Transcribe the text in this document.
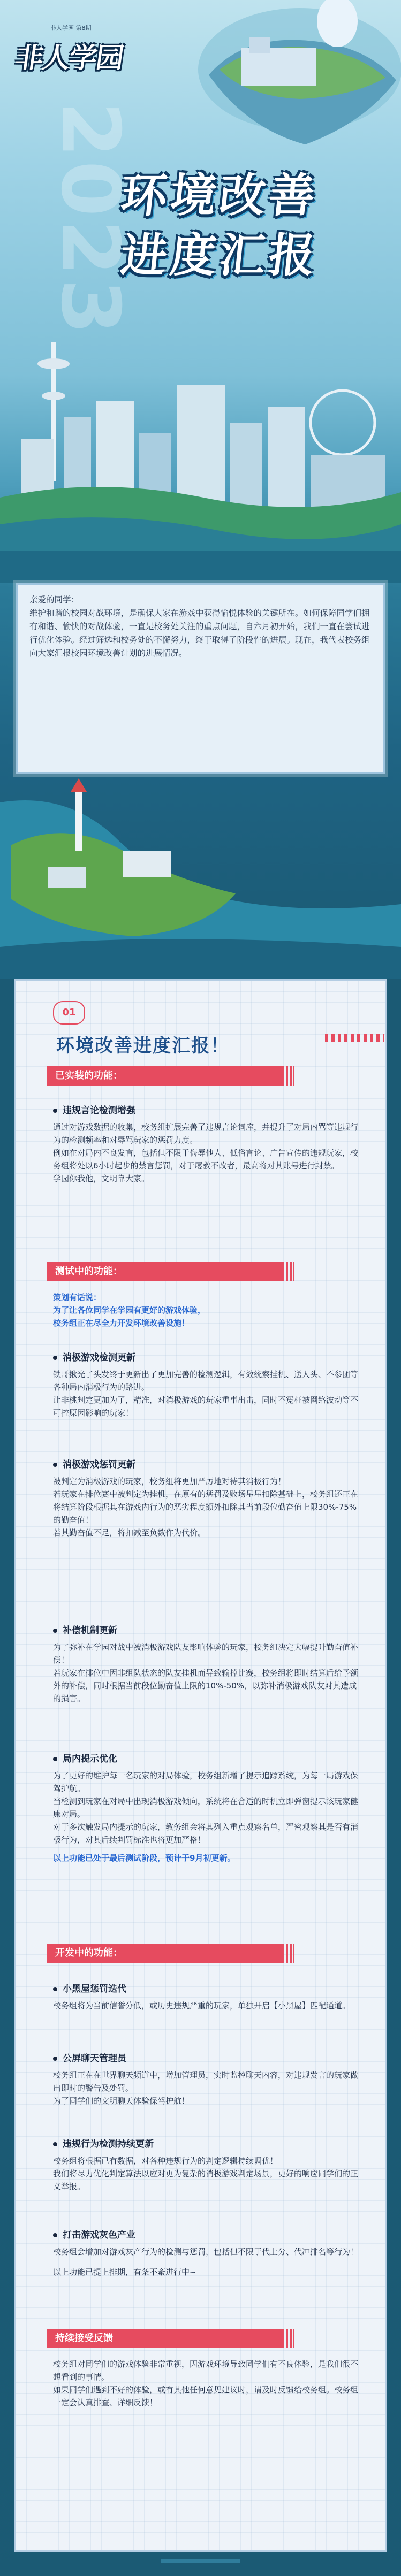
非人学园 第8期
非人学园
2023
环境改善
进度汇报

亲爱的同学：

维护和谐的校园对战环境，是确保大家在游戏中获得愉悦体验的关键所在。如何保障同学们拥有和谐、愉快的对战体验，一直是校务处关注的重点问题，自六月初开始，我们一直在尝试进行优化体验。经过筛选和校务处的不懈努力，终于取得了阶段性的进展。现在，我代表校务组向大家汇报校园环境改善计划的进展情况。

01
环境改善进度汇报！
已实装的功能：
违规言论检测增强

通过对游戏数据的收集，校务组扩展完善了违规言论词库，并提升了对局内骂等违规行为的检测频率和对辱骂玩家的惩罚力度。

例如在对局内不良发言，包括但不限于侮辱他人、低俗言论、广告宣传的违规玩家，校务组将处以6小时起步的禁言惩罚，对于屡教不改者，最高将对其账号进行封禁。

学园你我他，文明靠大家。

测试中的功能：

策划有话说：

为了让各位同学在学园有更好的游戏体验，

校务组正在尽全力开发环境改善设施！

消极游戏检测更新

铁哥揪光了头发终于更新出了更加完善的检测逻辑，有效统察挂机、送人头、不参团等各种局内消极行为的路进。

让非桃判定更加为了，精准，对消极游戏的玩家重事出击，同时不冤枉被网络波动等不可控原因影响的玩家！

消极游戏惩罚更新

被判定为消极游戏的玩家，校务组将更加严厉地对待其消极行为！

若玩家在排位赛中被判定为挂机，在原有的惩罚及败场星星扣除基础上，校务组还正在将结算阶段根据其在游戏内行为的恶劣程度额外扣除其当前段位勤奋值上限30%-75%的勤奋值！

若其勤奋值不足，将扣减至负数作为代价。

补偿机制更新

为了弥补在学园对战中被消极游戏队友影响体验的玩家，校务组决定大幅提升勤奋值补偿！

若玩家在排位中因非组队状态的队友挂机而导致输掉比赛，校务组将即时结算后给予额外的补偿，同时根据当前段位勤奋值上限的10%-50%，以弥补消极游戏队友对其造成的损害。

局内提示优化

为了更好的维护每一名玩家的对局体验，校务组新增了提示追踪系统，为每一局游戏保驾护航。

当检测到玩家在对局中出现消极游戏倾向，系统将在合适的时机立即弹窗提示该玩家健康对局。

对于多次触发局内提示的玩家，教务组会将其列入重点观察名单，严密观察其是否有消极行为，对其后续判罚标准也将更加严格！

以上功能已处于最后测试阶段，预计于9月初更新。

开发中的功能：
小黑屋惩罚迭代

校务组将为当前信誉分低，或历史违规严重的玩家，单独开启【小黑屋】匹配通道。

公屏聊天管理员

校务组正在在世界聊天频道中，增加管理员，实时监控聊天内容，对违规发言的玩家做出即时的警告及处罚。

为了同学们的文明聊天体验保驾护航！

违规行为检测持续更新

校务组将根据已有数据，对各种违规行为的判定逻辑持续调优！

我们将尽力优化判定算法以应对更为复杂的消极游戏判定场景，更好的响应同学们的正义举报。

打击游戏灰色产业

校务组会增加对游戏灰产行为的检测与惩罚，包括但不限于代上分、代冲排名等行为！

以上功能已提上排期，有条不紊进行中~

持续接受反馈

校务组对同学们的游戏体验非常重视，因游戏环境导致同学们有不良体验，是我们很不想看到的事情。

如果同学们遇到不好的体验，或有其他任何意见建议时，请及时反馈给校务组。校务组一定会认真排查、详细反馈！
